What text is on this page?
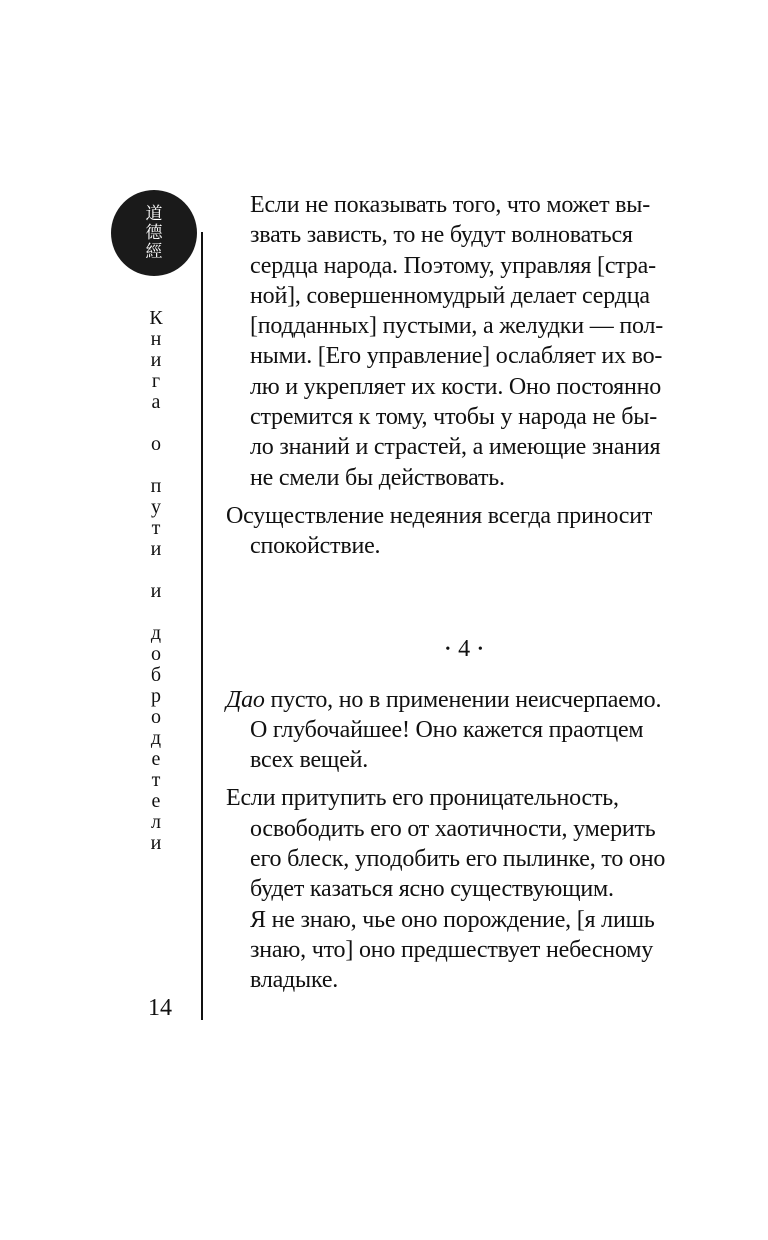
道
德
經
К
н
и
г
а
о
п
у
т
и
и
д
о
б
р
о
д
е
т
е
л
и
14

Если не показывать того, что может вы-
звать зависть, то не будут волноваться
сердца народа. Поэтому, управляя [стра-
ной], совершенномудрый делает сердца
[подданных] пустыми, а желудки — пол-
ными. [Его управление] ослабляет их во-
лю и укрепляет их кости. Оно постоянно
стремится к тому, чтобы у народа не бы-
ло знаний и страстей, а имеющие знания
не смели бы действовать.

Осуществление недеяния всегда приносит
спокойствие.

• 4 •

Дао пусто, но в применении неисчерпаемо.
О глубочайшее! Оно кажется праотцем
всех вещей.

Если притупить его проницательность,
освободить его от хаотичности, умерить
его блеск, уподобить его пылинке, то оно
будет казаться ясно существующим.
Я не знаю, чье оно порождение, [я лишь
знаю, что] оно предшествует небесному
владыке.
